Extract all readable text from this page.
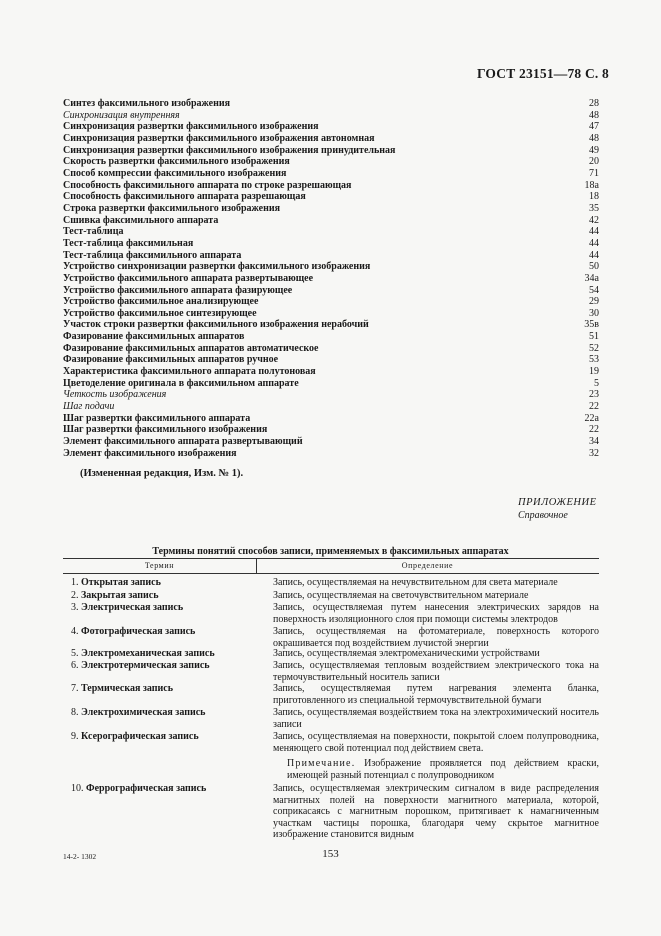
ГОСТ 23151—78 С. 8
Синтез факсимильного изображения	28
Синхронизация внутренняя	48
Синхронизация развертки факсимильного изображения	47
Синхронизация развертки факсимильного изображения автономная	48
Синхронизация развертки факсимильного изображения принудительная	49
Скорость развертки факсимильного изображения	20
Способ компрессии факсимильного изображения	71
Способность факсимильного аппарата по строке разрешающая	18а
Способность факсимильного аппарата разрешающая	18
Строка развертки факсимильного изображения	35
Сшивка факсимильного аппарата	42
Тест-таблица	44
Тест-таблица факсимильная	44
Тест-таблица факсимильного аппарата	44
Устройство синхронизации развертки факсимильного изображения	50
Устройство факсимильного аппарата развертывающее	34а
Устройство факсимильного аппарата фазирующее	54
Устройство факсимильное анализирующее	29
Устройство факсимильное синтезирующее	30
Участок строки развертки факсимильного изображения нерабочий	35в
Фазирование факсимильных аппаратов	51
Фазирование факсимильных аппаратов автоматическое	52
Фазирование факсимильных аппаратов ручное	53
Характеристика факсимильного аппарата полутоновая	19
Цветоделение оригинала в факсимильном аппарате	5
Четкость изображения	23
Шаг подачи	22
Шаг развертки факсимильного аппарата	22а
Шаг развертки факсимильного изображения	22
Элемент факсимильного аппарата развертывающий	34
Элемент факсимильного изображения	32
(Измененная редакция, Изм. № 1).
ПРИЛОЖЕНИЕ
Справочное
Термины понятий способов записи, применяемых в факсимильных аппаратах
Термин	Определение
1. Открытая запись	Запись, осуществляемая на нечувствительном для света материале
2. Закрытая запись	Запись, осуществляемая на светочувствительном материале
3. Электрическая запись	Запись, осуществляемая путем нанесения электрических зарядов на поверхность изоляционного слоя при помощи системы электродов
4. Фотографическая запись	Запись, осуществляемая на фотоматериале, поверхность которого окрашивается под воздействием лучистой энергии
5. Электромеханическая запись	Запись, осуществляемая электромеханическими устройствами
6. Электротермическая запись	Запись, осуществляемая тепловым воздействием электрического тока на термочувствительный носитель записи
7. Термическая запись	Запись, осуществляемая путем нагревания элемента бланка, приготовленного из специальной термочувствительной бумаги
8. Электрохимическая запись	Запись, осуществляемая воздействием тока на электрохимический носитель записи
9. Ксерографическая запись	Запись, осуществляемая на поверхности, покрытой слоем полупроводника, меняющего свой потенциал под действием света.
Примечание. Изображение проявляется под действием краски, имеющей разный потенциал с полупроводником
10. Феррографическая запись	Запись, осуществляемая электрическим сигналом в виде распределения магнитных полей на поверхности магнитного материала, которой, соприкасаясь с магнитным порошком, притягивает к намагниченным участкам частицы порошка, благодаря чему скрытое магнитное изображение становится видным
14-2- 1302	153
